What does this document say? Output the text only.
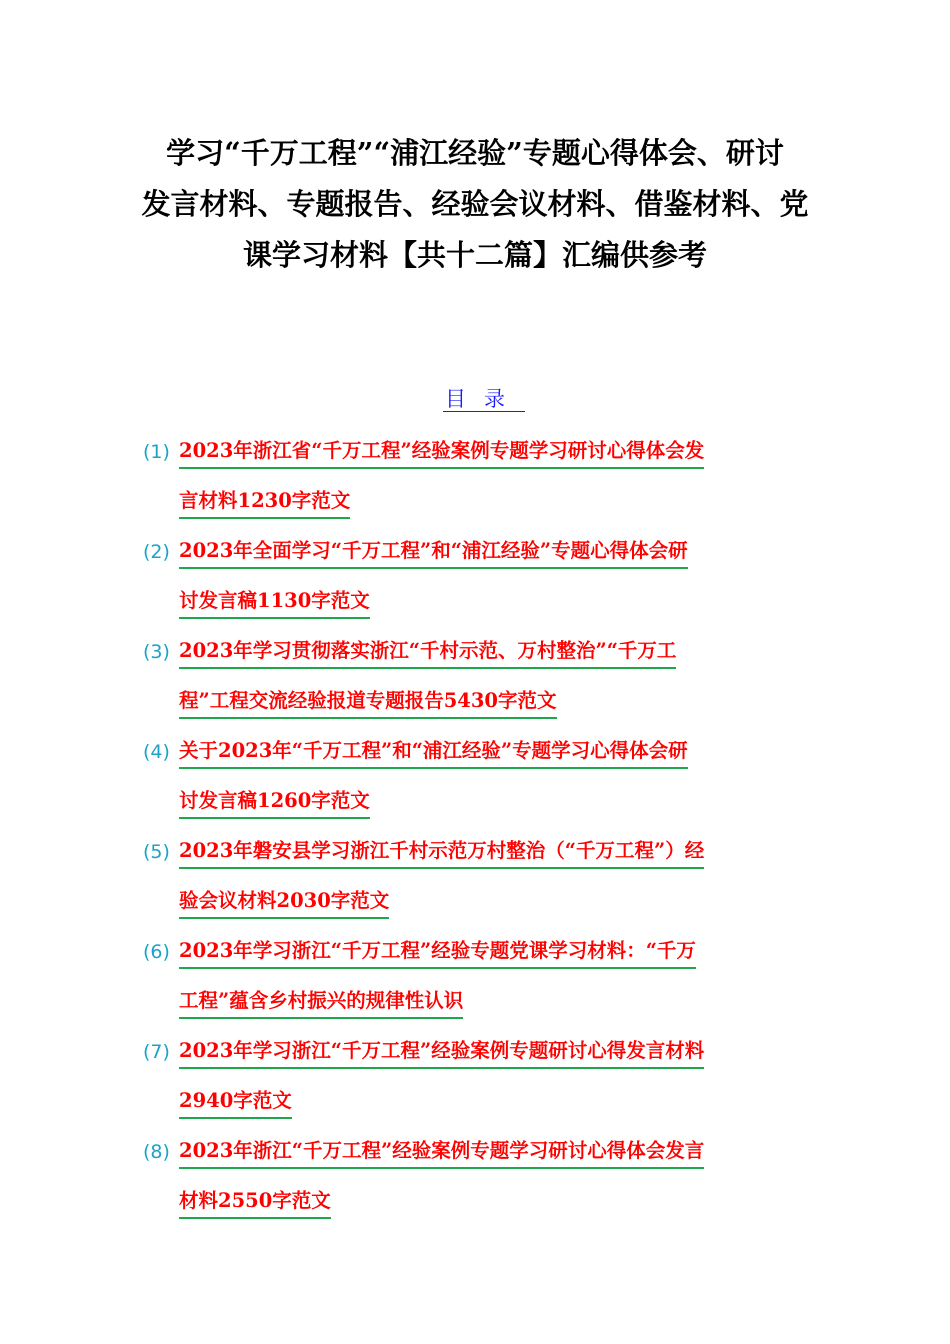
学习“千万工程”“浦江经验”专题心得体会、研讨
发言材料、专题报告、经验会议材料、借鉴材料、党
课学习材料【共十二篇】汇编供参考
目录
(1) 2023年浙江省“千万工程”经验案例专题学习研讨心得体会发
言材料1230字范文
(2) 2023年全面学习“千万工程”和“浦江经验”专题心得体会研
讨发言稿1130字范文
(3) 2023年学习贯彻落实浙江“千村示范、万村整治”“千万工
程”工程交流经验报道专题报告5430字范文
(4) 关于2023年“千万工程”和“浦江经验”专题学习心得体会研
讨发言稿1260字范文
(5) 2023年磐安县学习浙江千村示范万村整治（“千万工程”）经
验会议材料2030字范文
(6) 2023年学习浙江“千万工程”经验专题党课学习材料：“千万
工程”蕴含乡村振兴的规律性认识
(7) 2023年学习浙江“千万工程”经验案例专题研讨心得发言材料
2940字范文
(8) 2023年浙江“千万工程”经验案例专题学习研讨心得体会发言
材料2550字范文
